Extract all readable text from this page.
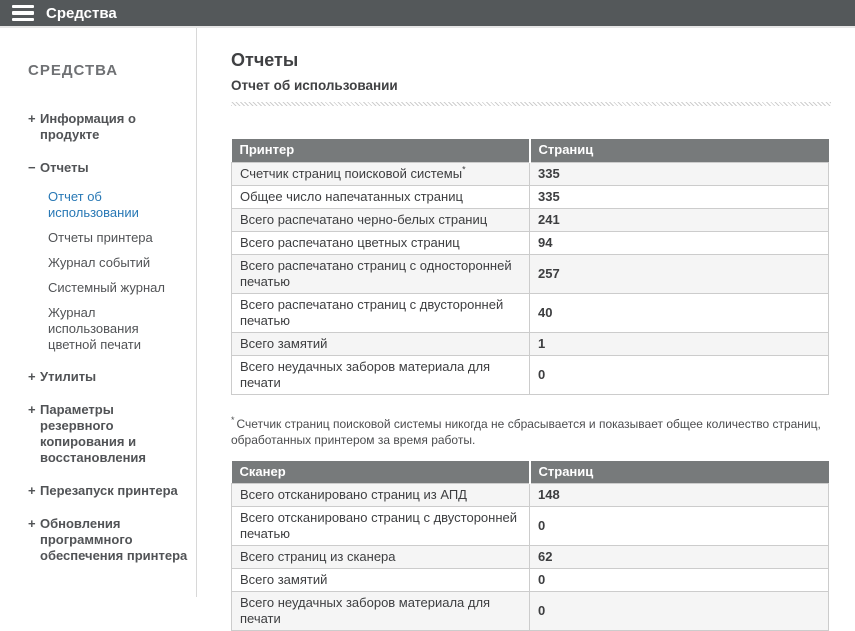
Средства
СРЕДСТВА
+ Информация о продукте
− Отчеты
Отчет об использовании
Отчеты принтера
Журнал событий
Системный журнал
Журнал использования цветной печати
+ Утилиты
+ Параметры резервного копирования и восстановления
+ Перезапуск принтера
+ Обновления программного обеспечения принтера
Отчеты
Отчет об использовании
Принтер	Страниц
Счетчик страниц поисковой системы*	335
Общее число напечатанных страниц	335
Всего распечатано черно-белых страниц	241
Всего распечатано цветных страниц	94
Всего распечатано страниц с односторонней печатью	257
Всего распечатано страниц с двусторонней печатью	40
Всего замятий	1
Всего неудачных заборов материала для печати	0

* Счетчик страниц поисковой системы никогда не сбрасывается и показывает общее количество страниц, обработанных принтером за время работы.

Сканер	Страниц
Всего отсканировано страниц из АПД	148
Всего отсканировано страниц с двусторонней печатью	0
Всего страниц из сканера	62
Всего замятий	0
Всего неудачных заборов материала для печати	0
